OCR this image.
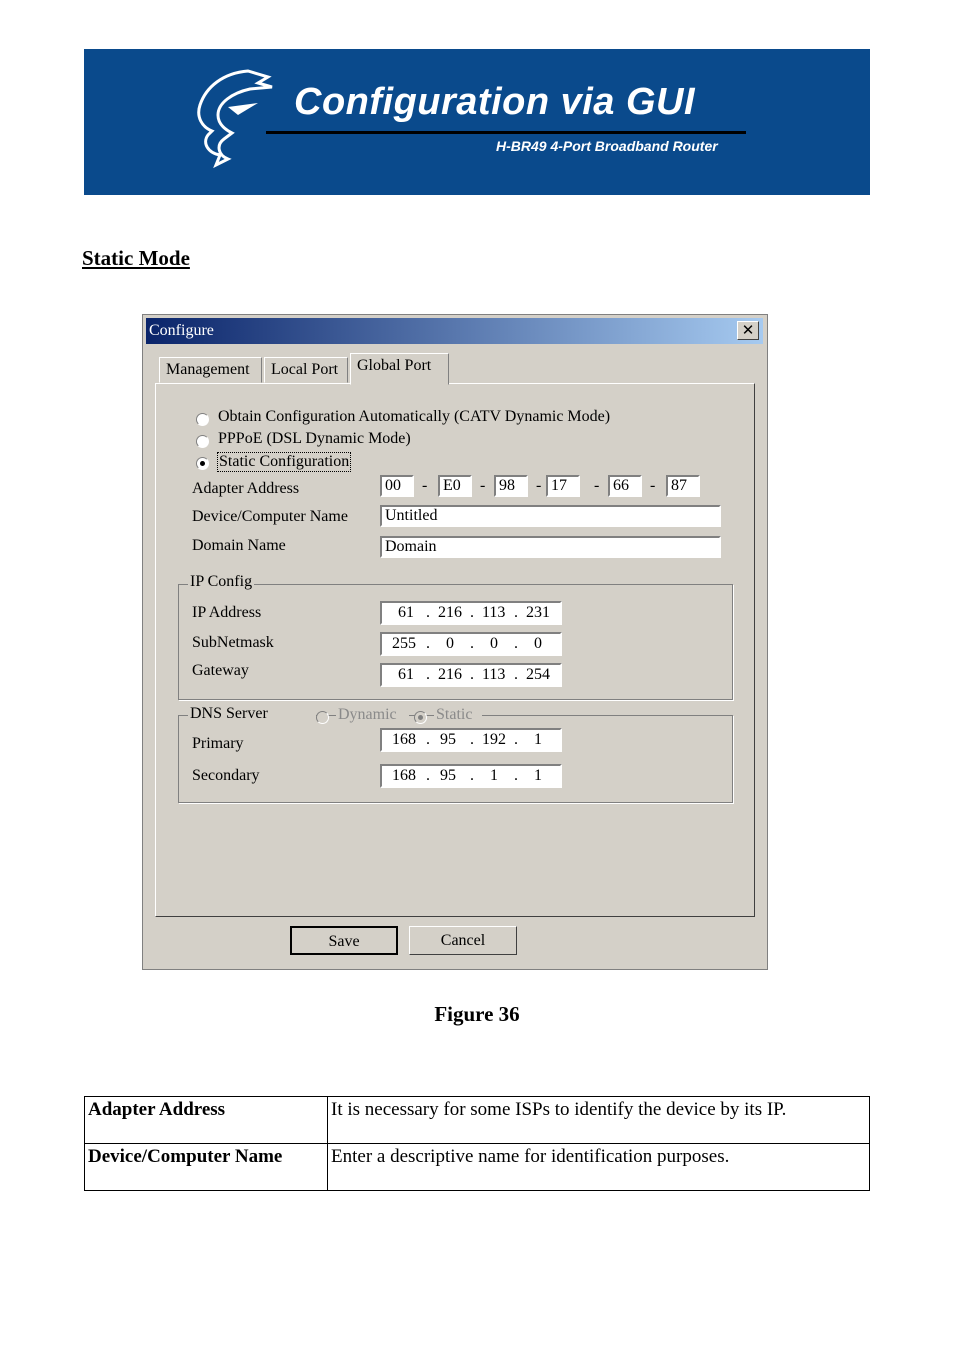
Configuration via GUI
H-BR49 4-Port Broadband Router
Static Mode
Configure	✕
Management	Local Port	Global Port
Obtain Configuration Automatically (CATV Dynamic Mode)
PPPoE (DSL Dynamic Mode)
Static Configuration
Adapter Address	00	- E0	- 98	- 17	- 66	- 87
Device/Computer Name	Untitled
Domain Name	Domain
IP Config
IP Address	61 . 216 . 113 . 231
SubNetmask	255 . 0 . 0 . 0
Gateway	61 . 216 . 113 . 254
DNS Server	Dynamic	Static
Primary	168 . 95 . 192 . 1
Secondary	168 . 95 . 1 . 1
Save	Cancel
Figure 36
Adapter Address	It is necessary for some ISPs to identify the device by its IP.
Device/Computer Name	Enter a descriptive name for identification purposes.
